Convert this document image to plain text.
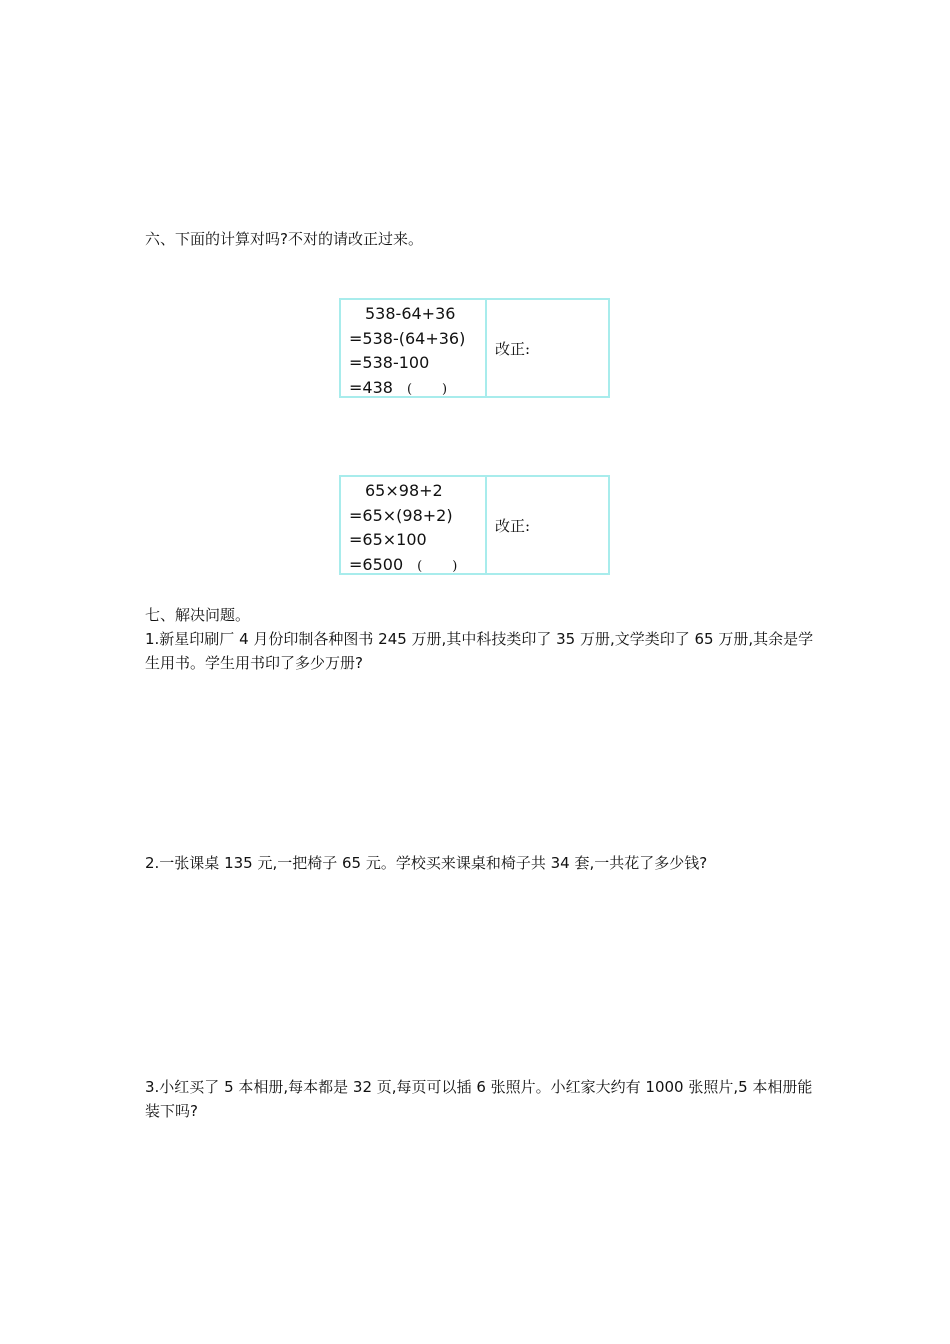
六、下面的计算对吗?不对的请改正过来。
538-64+36
=538-(64+36)
=538-100
=438 ( )
改正:
65×98+2
=65×(98+2)
=65×100
=6500 ( )
改正:
七、解决问题。

1.新星印刷厂 4 月份印制各种图书 245 万册,其中科技类印了 35 万册,文学类印了 65 万册,其余是学生用书。学生用书印了多少万册?

2.一张课桌 135 元,一把椅子 65 元。学校买来课桌和椅子共 34 套,一共花了多少钱?

3.小红买了 5 本相册,每本都是 32 页,每页可以插 6 张照片。小红家大约有 1000 张照片,5 本相册能装下吗?
